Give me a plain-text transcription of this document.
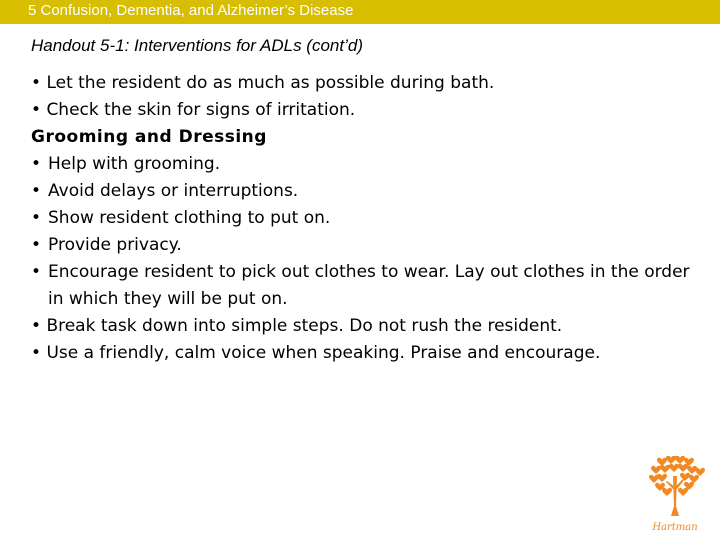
5 Confusion, Dementia, and Alzheimer’s Disease
Handout 5-1: Interventions for ADLs (cont’d)
• Let the resident do as much as possible during bath.
• Check the skin for signs of irritation.
Grooming and Dressing
• Help with grooming.
• Avoid delays or interruptions.
• Show resident clothing to put on.
• Provide privacy.
• Encourage resident to pick out clothes to wear. Lay out clothes in the order in which they will be put on.
• Break task down into simple steps. Do not rush the resident.
• Use a friendly, calm voice when speaking. Praise and encourage.
Hartman
